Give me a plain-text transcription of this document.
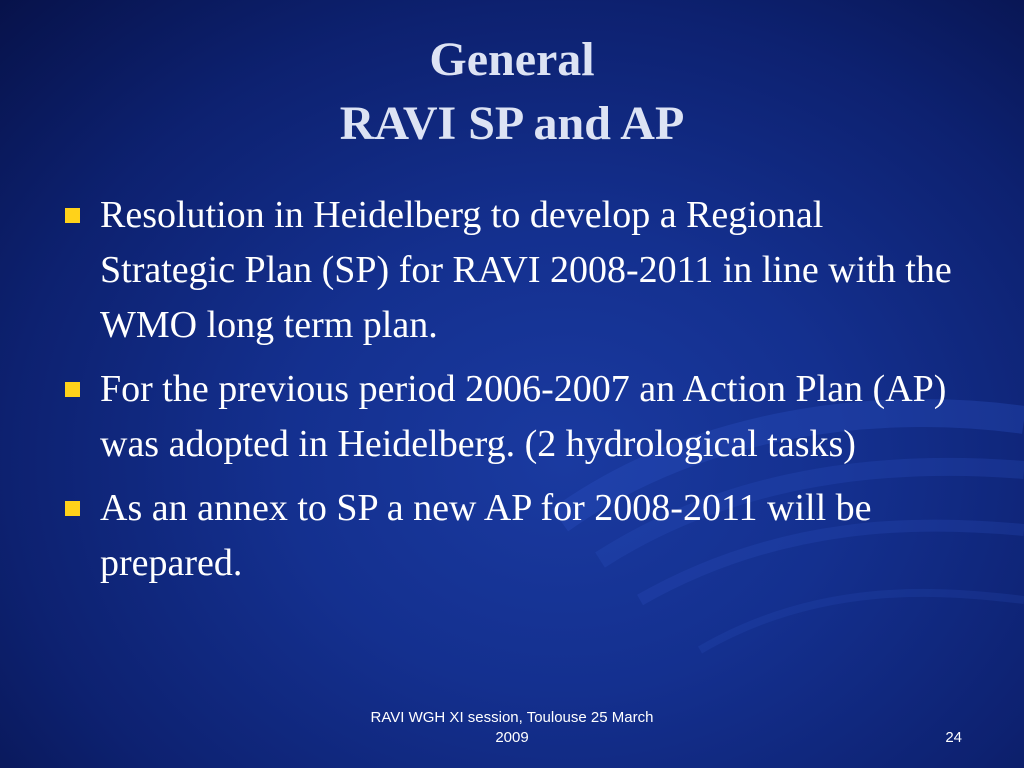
General
RAVI SP and AP
Resolution in Heidelberg to develop a Regional Strategic Plan (SP) for RAVI 2008-2011 in line with the WMO long term plan.
For the previous period 2006-2007 an Action Plan (AP) was adopted in Heidelberg. (2 hydrological tasks)
As an annex to SP a new AP for 2008-2011 will be prepared.
RAVI WGH XI session, Toulouse 25 March 2009	24
